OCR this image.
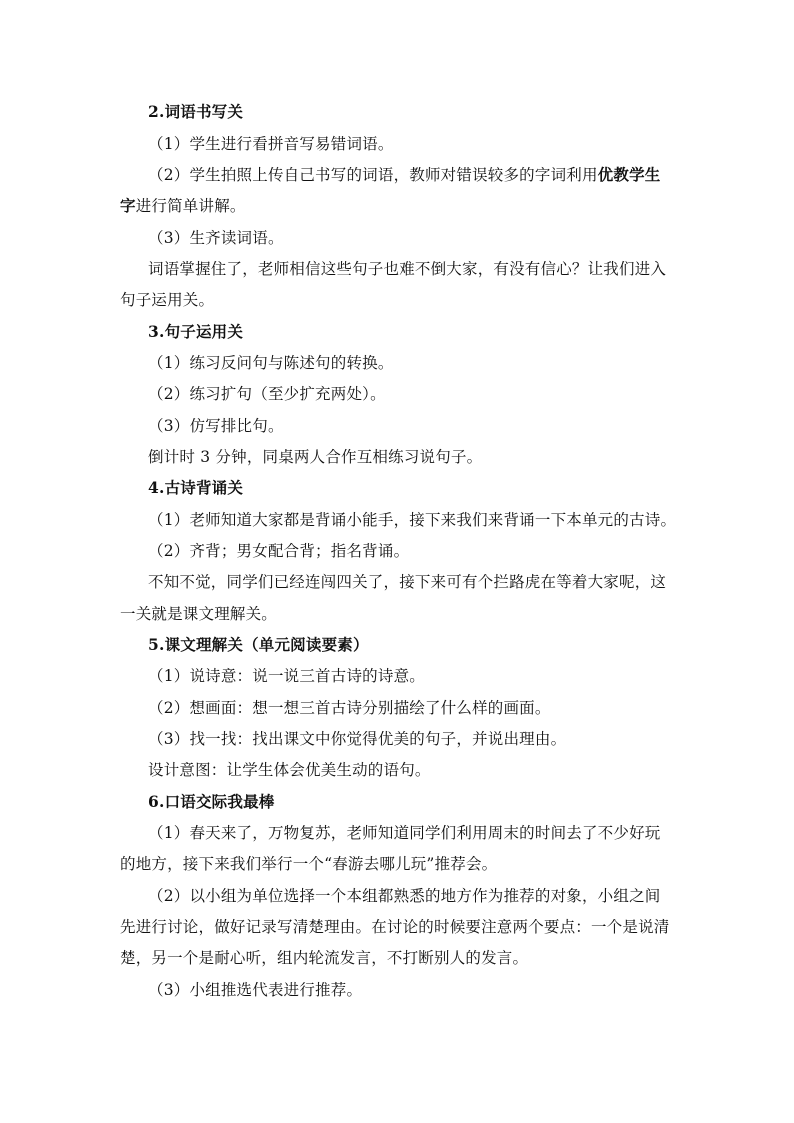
2.词语书写关
（1）学生进行看拼音写易错词语。
（2）学生拍照上传自己书写的词语，教师对错误较多的字词利用优教学生
字进行简单讲解。
（3）生齐读词语。
词语掌握住了，老师相信这些句子也难不倒大家，有没有信心？让我们进入
句子运用关。
3.句子运用关
（1）练习反问句与陈述句的转换。
（2）练习扩句（至少扩充两处）。
（3）仿写排比句。
倒计时 3 分钟，同桌两人合作互相练习说句子。
4.古诗背诵关
（1）老师知道大家都是背诵小能手，接下来我们来背诵一下本单元的古诗。
（2）齐背；男女配合背；指名背诵。
不知不觉，同学们已经连闯四关了，接下来可有个拦路虎在等着大家呢，这
一关就是课文理解关。
5.课文理解关（单元阅读要素）
（1）说诗意：说一说三首古诗的诗意。
（2）想画面：想一想三首古诗分别描绘了什么样的画面。
（3）找一找：找出课文中你觉得优美的句子，并说出理由。
设计意图：让学生体会优美生动的语句。
6.口语交际我最棒
（1）春天来了，万物复苏，老师知道同学们利用周末的时间去了不少好玩
的地方，接下来我们举行一个“春游去哪儿玩”推荐会。
（2）以小组为单位选择一个本组都熟悉的地方作为推荐的对象，小组之间
先进行讨论，做好记录写清楚理由。在讨论的时候要注意两个要点：一个是说清
楚，另一个是耐心听，组内轮流发言，不打断别人的发言。
（3）小组推选代表进行推荐。
